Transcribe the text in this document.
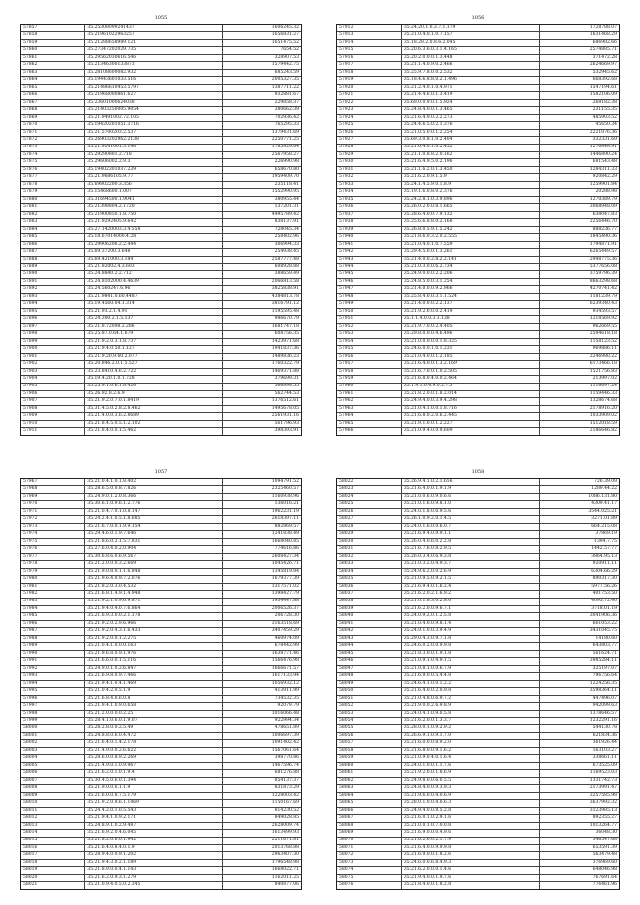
1055
57857	35.25308099241437	1606245.32
57858	35.21961022963257	1656831.27
57859	35.21288658989.121	1651475.52
57860	35.27347202029.735	7654.52
57861	35.29562030616.546	328907.53
57862	35.21346300133873	1579442.75
57863	35.28108600082.932	685243.59
57864	35.19443601033.516	2005327.35
57865	35.21486610453.5797	1387711.22
57866	35.21968000861.627	932881.67
57867	35.23601000624038	229858.37
57868	35.21403250005.9054	380662.39
57869	35.21.9491002.72.105	702936.42
57870	35.19420201051.3716	765295.33
57871	35.21.5700203.2.537	1379431.69
57872	35.26903202962.2138	2250771.25
57873	35.21.9241001.3.146	1785929.64
57874	35.29290801.2.718	2567958.27
57875	35.29606002.2.9.3	226990.98
57876	35.19402301037.239	658670.80
57877	35.21.9686105.9.77	1959409.70
57878	35.69802200.3.356	235118.41
57879	35.15468600.1.007	1552990.95
57880	35.31694500.1.9041	380955.44
57881	35.21398804.2.1720	137201.31
57882	35.21900850.1.8.750	4495789.42
57883	35.21.9292405.9.642	838137.91
57884	35.27.1420003.3.4.558	728045.34
57885	35.18.67014000.4.28	258402.96
57886	35.29906206.2.2.444	306994.33
57887	35.69.37200.3.648	254938.45
57888	35.69.421000.3.184	2587777.48
57889	35.21.82002.4.3.603	608928.88
57890	35.24.8840.2.2.712	388659.49
57891	35.24.8102000.4.4639	2066813.58
57892	35.24.560247.6.96	3825838.91
57893	35.21.9841.0.60.4487	4384813.78
57894	35.19.4560.04.1.314	3816791.12
57895	35.21.93.2.1.4.91	1195595.48
57896	35.24.300.2.1.5.137	986670.79
57897	35.21.8.72098.2.286	1681747.18
57898	35.25.87.0.64.1.679	608756.35
57899	35.21.9.2.0.3.1.8.737	1423971.68
57900	35.21.9.4.0.50.1.127	1941837.36
57901	35.21.9.20.9.60.2.077	1489836.23
57902	35.20.846.2.0.1.5.527	1760322.79
57903	35.23.8410.4.6.2.722	1469371.88
57904	35.19.4.20.1.0.1.728	379699.31
57905	35.25.9.1.0.6.1.8.426	566898.55
57906	35.26.92.8.2.6.9	562744.53
57907	35.21.9.2.0.7.0.1.8419	1376512.61
57908	35.31.4.5.0.2.8.2.8.462	1495678.05
57909	35.21.4.0.0.3.6.2.8689	2561931.16
57910	35.21.8.4.5.0.5.1.2.102	561796.93
57911	35.21.8.4.0.0.1.5.462	398393.91
1056
57912	35.24.20.1.0.3.7.1.179	1728788.07
57913	35.21.0.4.0.1.0.7.157	1631468.29
57914	35.18.28.2.0.8.6.2.045	686982.66
57915	35.20.6.3.6.0.3.1.4.165	2574885.71
57916	35.20.2.0.0.0.1.3.448	371472.28
57917	35.21.1.4.0.9.0.2.466	2624669.97
57918	35.25.9.7.8.0.0.2.532	532945.62
57919	35.18.4.6.8.8.0.2.1.496	668392.68
57920	35.21.2.4.0.1.0.4.971	1547194.61
57921	35.21.4.4.6.0.1.3.419	1582106.09
57922	35.69.0.0.9.0.1.5.924	268182.38
57923	35.24.8.4.0.0.1.3.465	231155.35
57924	35.21.6.4.9.0.2.2.273	485903.52
57925	35.24.4.6.5.0.2.1.376	45650.34
57926	35.21.0.5.0.0.1.2.254	2221076.36
57927	35.69.3.0.8.1.0.2.404	332331.69
57928	35.21.6.4.0.1.0.2.452	1276848.91
57929	35.21.1.0.8.8.2.0.162	1446890.24
57930	35.21.6.4.9.5.0.2.196	681543.48
57931	35.21.1.6.2.0.1.3.450	1284311.33
57932	35.21.6.2.0.9.1.5.9	920842.29
57933	35.24.1.4.5.9.0.1.8.9	1259901.84
57934	35.19.1.6.0.8.0.2.376	20288.98
57935	35.24.2.8.1.0.3.9.896	1270389.79
57936	35.26.0.2.0.0.8.1.665	3068948.09
57937	35.28.6.4.0.0.7.9.132	638047.83
57938	35.25.6.6.8.8.0.2.168	2256446.70
57939	35.26.8.0.5.9.1.5.242	888236.77
57940	35.21.8.6.0.3.2.0.2.555	1845490.36
57941	35.21.0.4.0.1.0.7.559	1794871.91
57942	35.29.4.5.0.0.1.3.261	6265449.57
57943	35.21.4.0.0.2.8.2.2.141	2948775.36
57944	35.21.0.3.0.0.6.2.734	5377656.08
57945	35.24.9.0.0.0.2.2.206	3759796.39
57946	35.24.8.5.0.0.3.1.254	8663298.68
57947	35.21.4.0.0.0.9.2.966	4270741.42
57948	35.25.8.4.0.0.3.1.1.524	1181239.79
57949	35.21.4.0.0.0.2.2.137	6239340.43
57950	35.21.9.2.0.0.0.2.419	934593.57
57951	35.1.1.4.0.0.3.1.138	1218569.92
57952	35.21.9.7.0.0.2.4.405	962669.55
57953	35.29.8.0.0.0.4.6.496	2594618.18
57954	35.21.0.0.0.0.0.1.8.325	1158123.52
57955	35.24.6.0.0.1.0.1.231	969886.11
57956	35.21.0.4.0.0.1.2.185	2246980.22
57957	35.21.6.4.0.0.1.3.2.169	6173466.18
57958	35.21.6.7.0.0.1.0.2.505	1521756.83
57959	35.21.6.8.0.4.0.0.2.464	213997.02
57960	35.1.9.1.0.4.9.0.2.7.3	1116697.24
57961	35.21.8.2.0.0.1.8.2.014	1159446.33
57962	35.24.9.4.0.0.3.9.4.298	1328674.68
57963	35.21.0.4.1.0.0.1.8.716	2178916.20
57964	35.21.6.8.0.2.0.6.2.445	1033909.02
57965	35.21.9.1.0.0.1.2.227	1512018.59
57966	35.21.0.9.4.0.0.9.609	2186646.82
1057
57967	35.21.0.4.1.0.1.8.402	1094791.52
57968	35.28.6.5.0.0.8.7.826	2325460.57
57969	35.24.9.0.1.2.0.8.366	1160938.96
57970	35.30.6.1.0.9.6.1.2.776	136016.21
57971	35.21.0.4.7.0.1.0.8.147	1962231.19
57972	35.24.2.4.1.0.5.1.8.685	2618397.11
57973	35.21.6.7.0.0.1.9.9.154	882869.57
57974	35.29.4.6.0.1.9.7.646	1241838.49
57975	35.21.8.6.0.2.1.5.7.831	1668040.85
57976	35.27.6.0.4.0.2.0.904	774616.86
57977	35.30.6.8.6.0.6.9.567	2608427.34
57978	35.21.2.0.0.0.3.2.669	1045426.71
57979	35.21.9.0.8.0.1.1.6.848	1345819.84
57980	35.21.9.6.4.0.9.7.2.076	1679377.39
57981	35.21.8.2.0.3.0.4.532	1317571.02
57982	35.21.6.8.1.4.9.1.4.948	1398427.79
57983	35.21.9.2.1.0.9.6.9.871	1934447.88
57984	35.21.9.4.0.4.0.7.6.864	2006526.37
57985	35.21.6.9.3.0.0.2.1.178	206728.30
57986	35.21.9.2.0.2.9.6.966	3163518.69
57987	35.21.9.2.0.4.3.1.6.433	3407459.29
57988	35.21.9.2.0.0.1.2.275	460974.09
57989	35.21.0.4.1.0.0.0.163	678442.99
57990	35.21.9.6.8.0.9.1.976	1638771.46
57991	35.21.6.6.0.0.1.5.116	1566476.98
57992	35.24.9.0.1.0.2.6.847	1666671.57
57993	35.21.6.9.8.0.9.7.466	1617133.94
57994	35.21.9.4.1.0.4.1.469	1056932.12
57995	35.21.0.4.2.0.5.1.9	413911.99
57996	35.21.6.8.4.0.6.0.8	734532.35
57997	35.21.9.4.1.0.9.0.658	92079.79
57998	35.21.2.0.0.0.0.2.25	1016066.48
57999	35.28.4.1.0.6.0.1.9.07	922994.34
58000	35.28.2.8.0.0.2.5.49	478651.89
58001	35.24.8.8.0.6.0.4.472	1006697.39
58002	35.21.6.4.0.1.4.2.178	1091402.42
58003	35.21.4.9.0.0.2.6.622	1567061.64
58004	35.28.6.0.0.8.9.2.269	398770.86
58005	35.21.4.9.0.1.0.9.967	1467596.74
58006	35.21.6.2.0.1.0.1.9.4	681276.88
58007	35.30.4.5.0.6.0.1.394	854137.37
58008	35.21.9.0.0.6.1.1.9	831873.29
58009	35.21.6.0.0.8.7.5.179	1228003.42
58010	35.21.9.2.0.9.6.1.1469	1150167.69
58011	35.24.4.2.0.1.0.5.543	814230.52
58012	35.21.9.4.1.0.9.2.171	849028.85
58013	35.24.8.9.1.0.2.9.487	2628009.74
58014	35.21.6.9.2.0.4.6.045	1613499.93
58015	35.21.8.2.0.6.0.1.942	2211671.81
58016	35.21.6.4.0.8.4.0.1.9	2013768.88
58017	35.28.9.4.0.0.9.1.202	2963407.30
58018	35.21.9.4.3.0.2.1.189	1796548.98
58019	35.21.8.9.0.0.4.1.143	1668022.71
58020	35.21.6.2.0.9.3.1.279	1162011.25
58021	35.21.0.9.4.0.5.0.2.345	840877.06
1058
58022	35.26.9.4.1.0.2.1.656	726.39.09
58023	35.21.6.4.0.0.1.9.1.9	1289.44.22
58024	35.21.0.0.6.0.9.0.6.6	1086.131.80
58025	35.21.0.1.6.0.9.8.1.0	4309.41.17
58026	35.24.0.1.8.0.6.9.5.6	3544.025.21
58027	35.26.1.0.9.2.0.1.4.5	3271.01.89
58028	35.24.0.1.6.0.0.6.0.7	664.215.08
58029	35.21.6.9.4.0.9.9.1.1	37869.19
58030	35.26.0.4.0.6.0.2.2.8	1394.7.75
58031	35.21.6.7.6.0.8.2.9.5	1442.57.77
58032	35.26.0.3.4.0.6.9.3.8	3864.95.13
58033	35.21.0.3.2.0.4.9.3.7	920911.11
58034	35.24.9.6.2.0.0.2.6.9	6304.66.29
58035	35.21.0.9.5.0.9.2.1.5	890317.30
58036	35.21.6.9.4.0.1.6.2.4	5977.56.26
58037	35.21.6.2.0.2.1.6.9.2	401753.50
58038	35.21.0.1.8.3.0.2.8.0	4095.72.40
58039	35.21.6.2.0.0.9.6.7.1	3718.01.19
58040	35.24.0.9.2.0.1.2.5.8	3041906.36
58041	35.21.0.4.0.0.9.8.1.4	661053.22
58042	35.24.9.1.0.0.3.9.4.9	3431045.75
58043	35.29.0.4.3.0.9.7.1.8	14180.60
58044	35.24.6.0.2.0.0.9.9.8	643803.77
58045	35.21.8.3.0.0.1.9.1.8	561624.71
58046	35.21.0.9.1.0.4.9.1.5	3985284.11
58047	35.21.0.8.1.0.0.6.7.9	325197.07
58048	35.21.6.9.0.0.5.4.4.8	796756.64
58049	35.24.6.4.1.0.0.1.2.2	1224256.35
58050	35.21.6.4.0.0.2.0.9.8	3598364.11
58051	35.21.0.4.8.0.6.9.7.2	447496.07
58052	35.21.9.0.0.2.6.9.8.9	942099.63
58053	35.24.0.4.1.0.9.0.5.8	1378646.57
58054	35.21.6.2.0.0.1.3.3.7	1232291.16
58055	35.28.0.0.1.0.9.2.9.2	544130.78
58056	35.26.6.9.1.0.9.1.7.0	621834.36
58057	35.21.6.0.0.0.8.9.2.0	361926.44
58058	35.21.6.8.0.0.9.1.6.2	163103.27
58059	35.21.0.9.0.4.0.1.6.4	338661.11
58060	35.24.0.1.0.0.1.1.7.6	673525.09
58061	35.21.9.2.0.0.1.8.6.9	1169523.03
58062	35.24.9.8.0.0.6.0.5.5	1331742.73
58063	35.24.8.4.0.0.9.3.9.3	2173991.47
58064	35.21.9.6.0.0.4.0.6.9	3257585.98
58065	35.28.0.1.0.0.4.0.6.3	3637992.32
58066	35.24.9.4.0.0.8.5.2.8	3123985.13
58067	35.21.6.0.1.0.2.9.1.6	892355.27
58068	35.21.0.0.1.0.7.0.0.8	1013264.77
58069	35.21.6.9.0.0.0.4.9.6	36048.30
58070	35.21.6.2.0.0.2.1.7.9	346547.68
58071	35.21.6.4.0.0.9.9.9.8	653591.39
58072	35.21.6.9.0.0.1.8.2.6	563479.48
58073	35.24.6.0.0.6.8.4.9.3	376969.60
58074	35.21.6.2.0.0.0.1.4.6	648046.98
58075	35.21.9.4.0.0.1.9.7.6	767691.64
58076	35.21.8.4.0.0.1.8.2.8	776461.96
